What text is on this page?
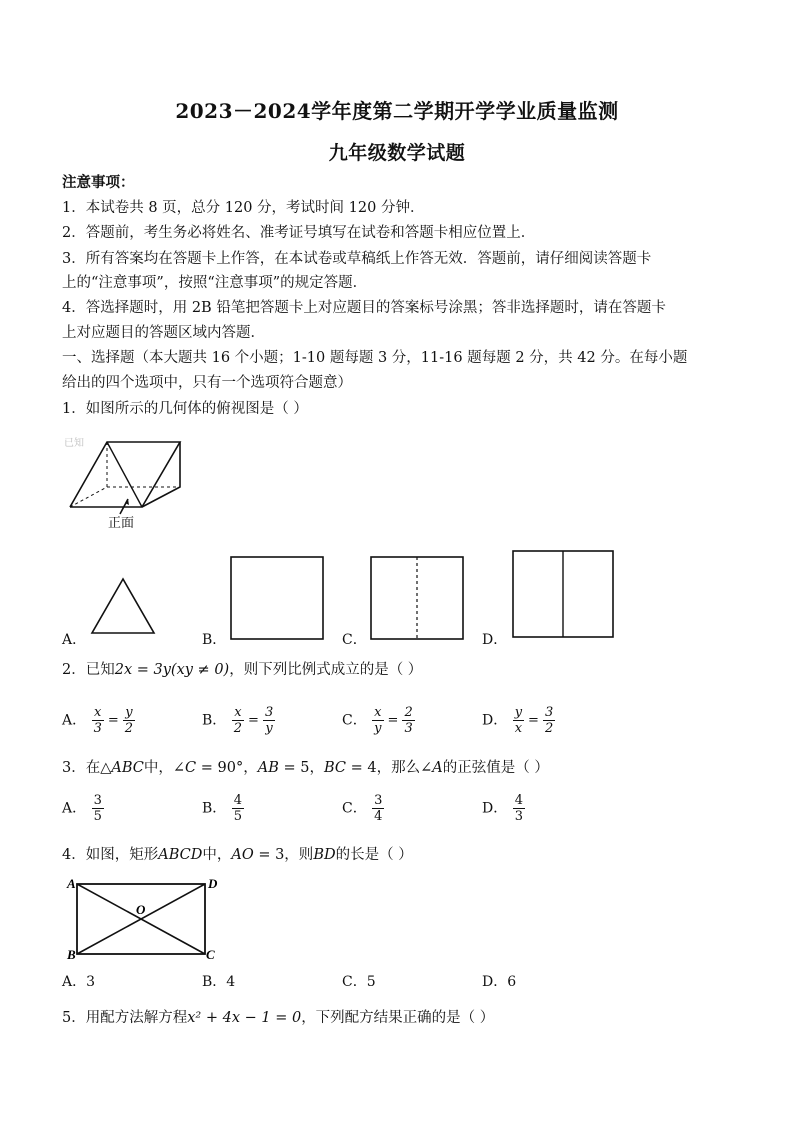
2023－2024学年度第二学期开学学业质量监测
九年级数学试题
注意事项：
1．本试卷共 8 页，总分 120 分，考试时间 120 分钟．
2．答题前，考生务必将姓名、准考证号填写在试卷和答题卡相应位置上．
3．所有答案均在答题卡上作答，在本试卷或草稿纸上作答无效．答题前，请仔细阅读答题卡
上的“注意事项”，按照“注意事项”的规定答题．
4．答选择题时，用 2B 铅笔把答题卡上对应题目的答案标号涂黑；答非选择题时，请在答题卡
上对应题目的答题区域内答题．
一、选择题（本大题共 16 个小题；1-10 题每题 3 分，11-16 题每题 2 分，共 42 分。在每小题
给出的四个选项中，只有一个选项符合题意）
1．如图所示的几何体的俯视图是（ ）
已知
正面
A．	B．	C．	D．
2．已知2x = 3y(xy ≠ 0)，则下列比例式成立的是（ ）
A． $\frac{x}{3} = \frac{y}{2}$	B． $\frac{x}{2} = \frac{3}{y}$	C． $\frac{x}{y} = \frac{2}{3}$	D． $\frac{y}{x} = \frac{3}{2}$
3．在△ABC中，∠C = 90°，AB = 5，BC = 4，那么∠A的正弦值是（ ）
A． $\frac{3}{5}$	B． $\frac{4}{5}$	C． $\frac{3}{4}$	D． $\frac{4}{3}$
4．如图，矩形ABCD中，AO = 3，则BD的长是（ ）
A	D
B	C
O
A．3	B．4	C．5	D．6
5．用配方法解方程x² + 4x − 1 = 0，下列配方结果正确的是（ ）
